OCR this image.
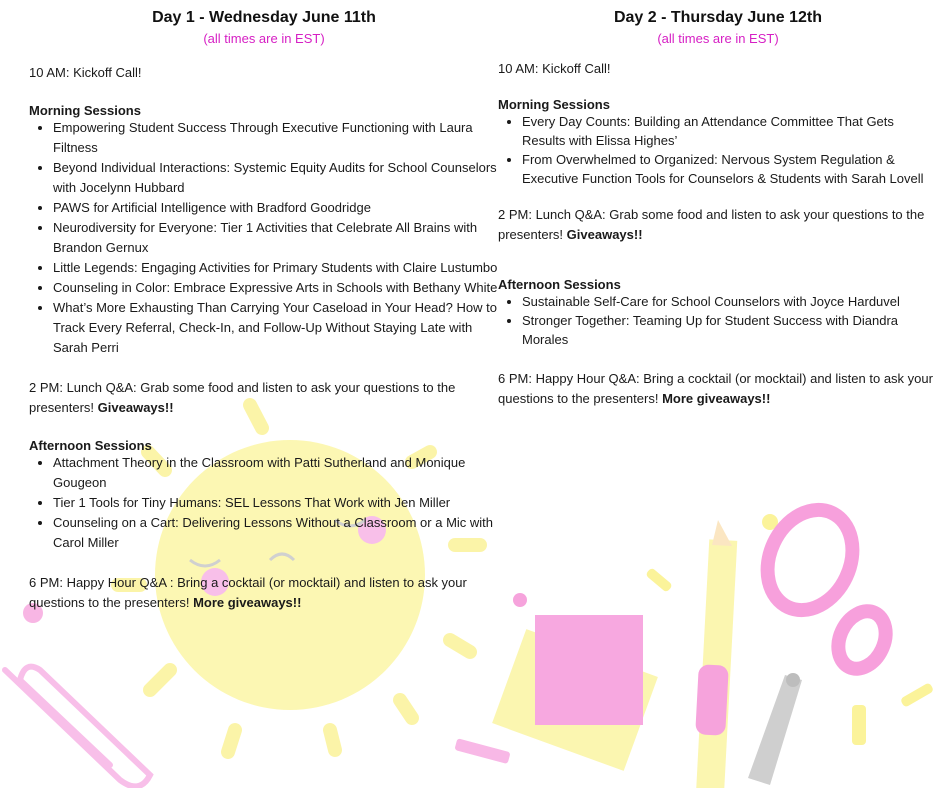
Day 1 - Wednesday June 11th
(all times are in EST)

10 AM: Kickoff Call!

Morning Sessions
• Empowering Student Success Through Executive Functioning with Laura Filtness
• Beyond Individual Interactions: Systemic Equity Audits for School Counselors with Jocelynn Hubbard
• PAWS for Artificial Intelligence with Bradford Goodridge
• Neurodiversity for Everyone: Tier 1 Activities that Celebrate All Brains with Brandon Gernux
• Little Legends: Engaging Activities for Primary Students with Claire Lustumbo
• Counseling in Color: Embrace Expressive Arts in Schools with Bethany White
• What’s More Exhausting Than Carrying Your Caseload in Your Head? How to Track Every Referral, Check-In, and Follow-Up Without Staying Late with Sarah Perri

2 PM: Lunch Q&A: Grab some food and listen to ask your questions to the presenters! Giveaways!!

Afternoon Sessions
• Attachment Theory in the Classroom with Patti Sutherland and Monique Gougeon
• Tier 1 Tools for Tiny Humans: SEL Lessons That Work with Jen Miller
• Counseling on a Cart: Delivering Lessons Without a Classroom or a Mic with Carol Miller

6 PM: Happy Hour Q&A : Bring a cocktail (or mocktail) and listen to ask your questions to the presenters! More giveaways!!

Day 2 - Thursday June 12th
(all times are in EST)

10 AM: Kickoff Call!

Morning Sessions
• Every Day Counts: Building an Attendance Committee That Gets Results with Elissa Highes’
• From Overwhelmed to Organized: Nervous System Regulation & Executive Function Tools for Counselors & Students with Sarah Lovell

2 PM: Lunch Q&A: Grab some food and listen to ask your questions to the presenters! Giveaways!!

Afternoon Sessions
• Sustainable Self-Care for School Counselors with Joyce Harduvel
• Stronger Together: Teaming Up for Student Success with Diandra Morales

6 PM: Happy Hour Q&A: Bring a cocktail (or mocktail) and listen to ask your questions to the presenters! More giveaways!!
